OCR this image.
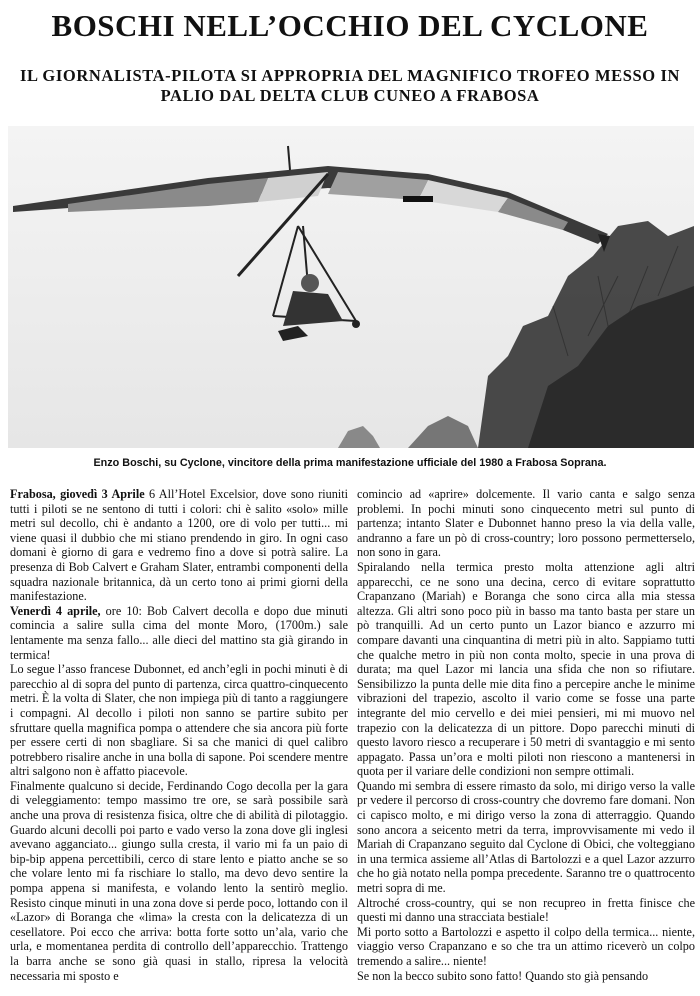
BOSCHI NELL’OCCHIO DEL CYCLONE
IL GIORNALISTA-PILOTA SI APPROPRIA DEL MAGNIFICO TROFEO MESSO IN PALIO DAL DELTA CLUB CUNEO A FRABOSA

Enzo Boschi, su Cyclone, vincitore della prima manifestazione ufficiale del 1980 a Frabosa Soprana.

Frabosa, giovedì 3 Aprile 6 All’Hotel Excelsior, dove sono riuniti tutti i piloti se ne sentono di tutti i colori: chi è salito «solo» mille metri sul decollo, chi è andanto a 1200, ore di volo per tutti... mi viene quasi il dubbio che mi stiano prendendo in giro. In ogni caso domani è giorno di gara e vedremo fino a dove si potrà salire. La presenza di Bob Calvert e Graham Slater, entrambi componenti della squadra nazionale britannica, dà un certo tono ai primi giorni della manifestazione.

Venerdì 4 aprile, ore 10: Bob Calvert decolla e dopo due minuti comincia a salire sulla cima del monte Moro, (1700m.) sale lentamente ma senza fallo... alle dieci del mattino sta già girando in termica!

Lo segue l’asso francese Dubonnet, ed anch’egli in pochi minuti è di parecchio al di sopra del punto di partenza, circa quattro-cinquecento metri. È la volta di Slater, che non impiega più di tanto a raggiungere i compagni. Al decollo i piloti non sanno se partire subito per sfruttare quella magnifica pompa o attendere che sia ancora più forte per essere certi di non sbagliare. Si sa che manici di quel calibro potrebbero risalire anche in una bolla di sapone. Poi scendere mentre altri salgono non è affatto piacevole.

Finalmente qualcuno si decide, Ferdinando Cogo decolla per la gara di veleggiamento: tempo massimo tre ore, se sarà possibile sarà anche una prova di resistenza fisica, oltre che di abilità di pilotaggio. Guardo alcuni decolli poi parto e vado verso la zona dove gli inglesi avevano agganciato... giungo sulla cresta, il vario mi fa un paio di bip-bip appena percettibili, cerco di stare lento e piatto anche se so che volare lento mi fa rischiare lo stallo, ma devo devo sentire la pompa appena si manifesta, e volando lento la sentirò meglio. Resisto cinque minuti in una zona dove si perde poco, lottando con il «Lazor» di Boranga che «lima» la cresta con la delicatezza di un cesellatore. Poi ecco che arriva: botta forte sotto un’ala, vario che urla, e momentanea perdita di controllo dell’apparecchio. Trattengo la barra anche se sono già quasi in stallo, ripresa la velocità necessaria mi sposto e

comincio ad «aprire» dolcemente. Il vario canta e salgo senza problemi. In pochi minuti sono cinquecento metri sul punto di partenza; intanto Slater e Dubonnet hanno preso la via della valle, andranno a fare un pò di cross-country; loro possono permetterselo, non sono in gara.

Spiralando nella termica presto molta attenzione agli altri apparecchi, ce ne sono una decina, cerco di evitare soprattutto Crapanzano (Mariah) e Boranga che sono circa alla mia stessa altezza. Gli altri sono poco più in basso ma tanto basta per stare un pò tranquilli. Ad un certo punto un Lazor bianco e azzurro mi compare davanti una cinquantina di metri più in alto. Sappiamo tutti che qualche metro in più non conta molto, specie in una prova di durata; ma quel Lazor mi lancia una sfida che non so rifiutare. Sensibilizzo la punta delle mie dita fino a percepire anche le minime vibrazioni del trapezio, ascolto il vario come se fosse una parte integrante del mio cervello e dei miei pensieri, mi mi muovo nel trapezio con la delicatezza di un pittore. Dopo parecchi minuti di questo lavoro riesco a recuperare i 50 metri di svantaggio e mi sento appagato. Passa un’ora e molti piloti non riescono a mantenersi in quota per il variare delle condizioni non sempre ottimali.

Quando mi sembra di essere rimasto da solo, mi dirigo verso la valle pr vedere il percorso di cross-country che dovremo fare domani. Non ci capisco molto, e mi dirigo verso la zona di atterraggio. Quando sono ancora a seicento metri da terra, improvvisamente mi vedo il Mariah di Crapanzano seguito dal Cyclone di Obici, che volteggiano in una termica assieme all’Atlas di Bartolozzi e a quel Lazor azzurro che ho già notato nella pompa precedente. Saranno tre o quattrocento metri sopra di me.

Altroché cross-country, qui se non recupreo in fretta finisce che questi mi danno una stracciata bestiale!

Mi porto sotto a Bartolozzi e aspetto il colpo della termica... niente, viaggio verso Crapanzano e so che tra un attimo riceverò un colpo tremendo a salire... niente!

Se non la becco subito sono fatto! Quando sto già pensando
